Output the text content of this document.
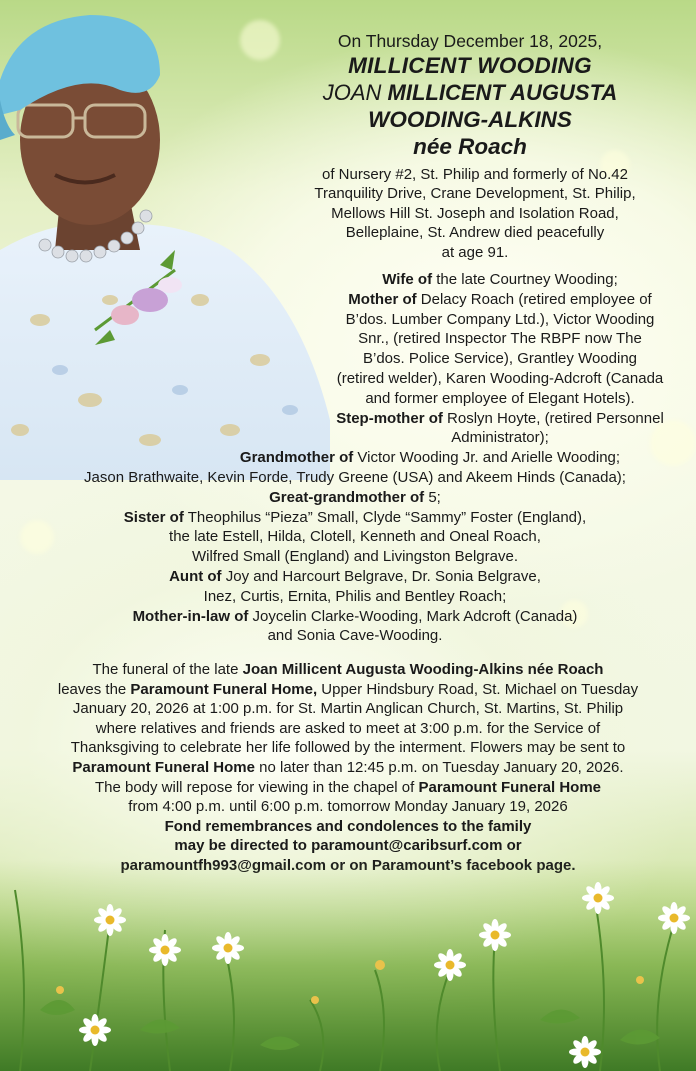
On Thursday December 18, 2025,

MILLICENT WOODING

JOAN MILLICENT AUGUSTA

WOODING-ALKINS

née Roach

of Nursery #2, St. Philip and formerly of No.42

Tranquility Drive, Crane Development, St. Philip,

Mellows Hill St. Joseph and Isolation Road,

Belleplaine, St. Andrew died peacefully

at age 91.

Wife of the late Courtney Wooding;

Mother of Delacy Roach (retired employee of

B’dos. Lumber Company Ltd.), Victor Wooding

Snr., (retired Inspector The RBPF now The

B’dos. Police Service), Grantley Wooding

(retired welder), Karen Wooding-Adcroft (Canada

and former employee of Elegant Hotels).

Step-mother of Roslyn Hoyte, (retired Personnel

Administrator);

Grandmother of Victor Wooding Jr. and Arielle Wooding;

Jason Brathwaite, Kevin Forde, Trudy Greene (USA) and Akeem Hinds (Canada);

Great-grandmother of 5;

Sister of Theophilus “Pieza” Small, Clyde “Sammy” Foster (England),

the late Estell, Hilda, Clotell, Kenneth and Oneal Roach,

Wilfred Small (England) and Livingston Belgrave.

Aunt of Joy and Harcourt Belgrave, Dr. Sonia Belgrave,

Inez, Curtis, Ernita, Philis and Bentley Roach;

Mother-in-law of Joycelin Clarke-Wooding, Mark Adcroft (Canada)

and Sonia Cave-Wooding.

The funeral of the late Joan Millicent Augusta Wooding-Alkins née Roach

leaves the Paramount Funeral Home, Upper Hindsbury Road, St. Michael on Tuesday

January 20, 2026 at 1:00 p.m. for St. Martin Anglican Church, St. Martins, St. Philip

where relatives and friends are asked to meet at 3:00 p.m. for the Service of

Thanksgiving to celebrate her life followed by the interment. Flowers may be sent to

Paramount Funeral Home no later than 12:45 p.m. on Tuesday January 20, 2026.

The body will repose for viewing in the chapel of Paramount Funeral Home

from 4:00 p.m. until 6:00 p.m. tomorrow Monday January 19, 2026

Fond remembrances and condolences to the family

may be directed to paramount@caribsurf.com or
